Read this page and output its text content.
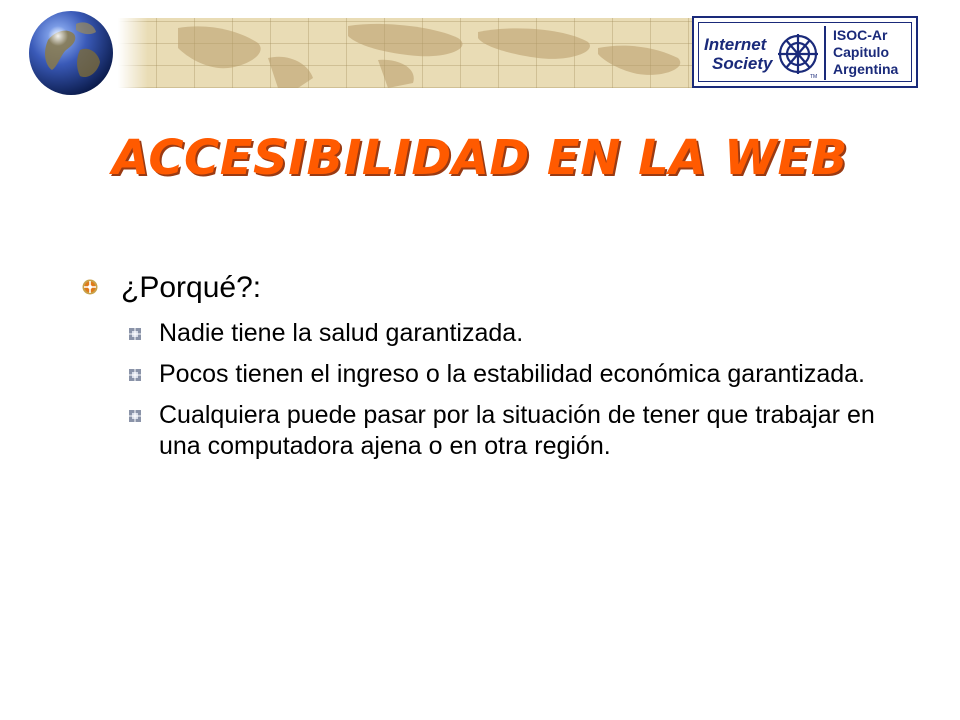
Internet
Society
TM
ISOC-Ar
Capitulo
Argentina
ACCESIBILIDAD EN LA WEB
¿Porqué?:
Nadie tiene la salud garantizada.
Pocos tienen el ingreso o la estabilidad económica garantizada.
Cualquiera puede pasar por la situación de tener que trabajar en una computadora ajena o en otra región.
